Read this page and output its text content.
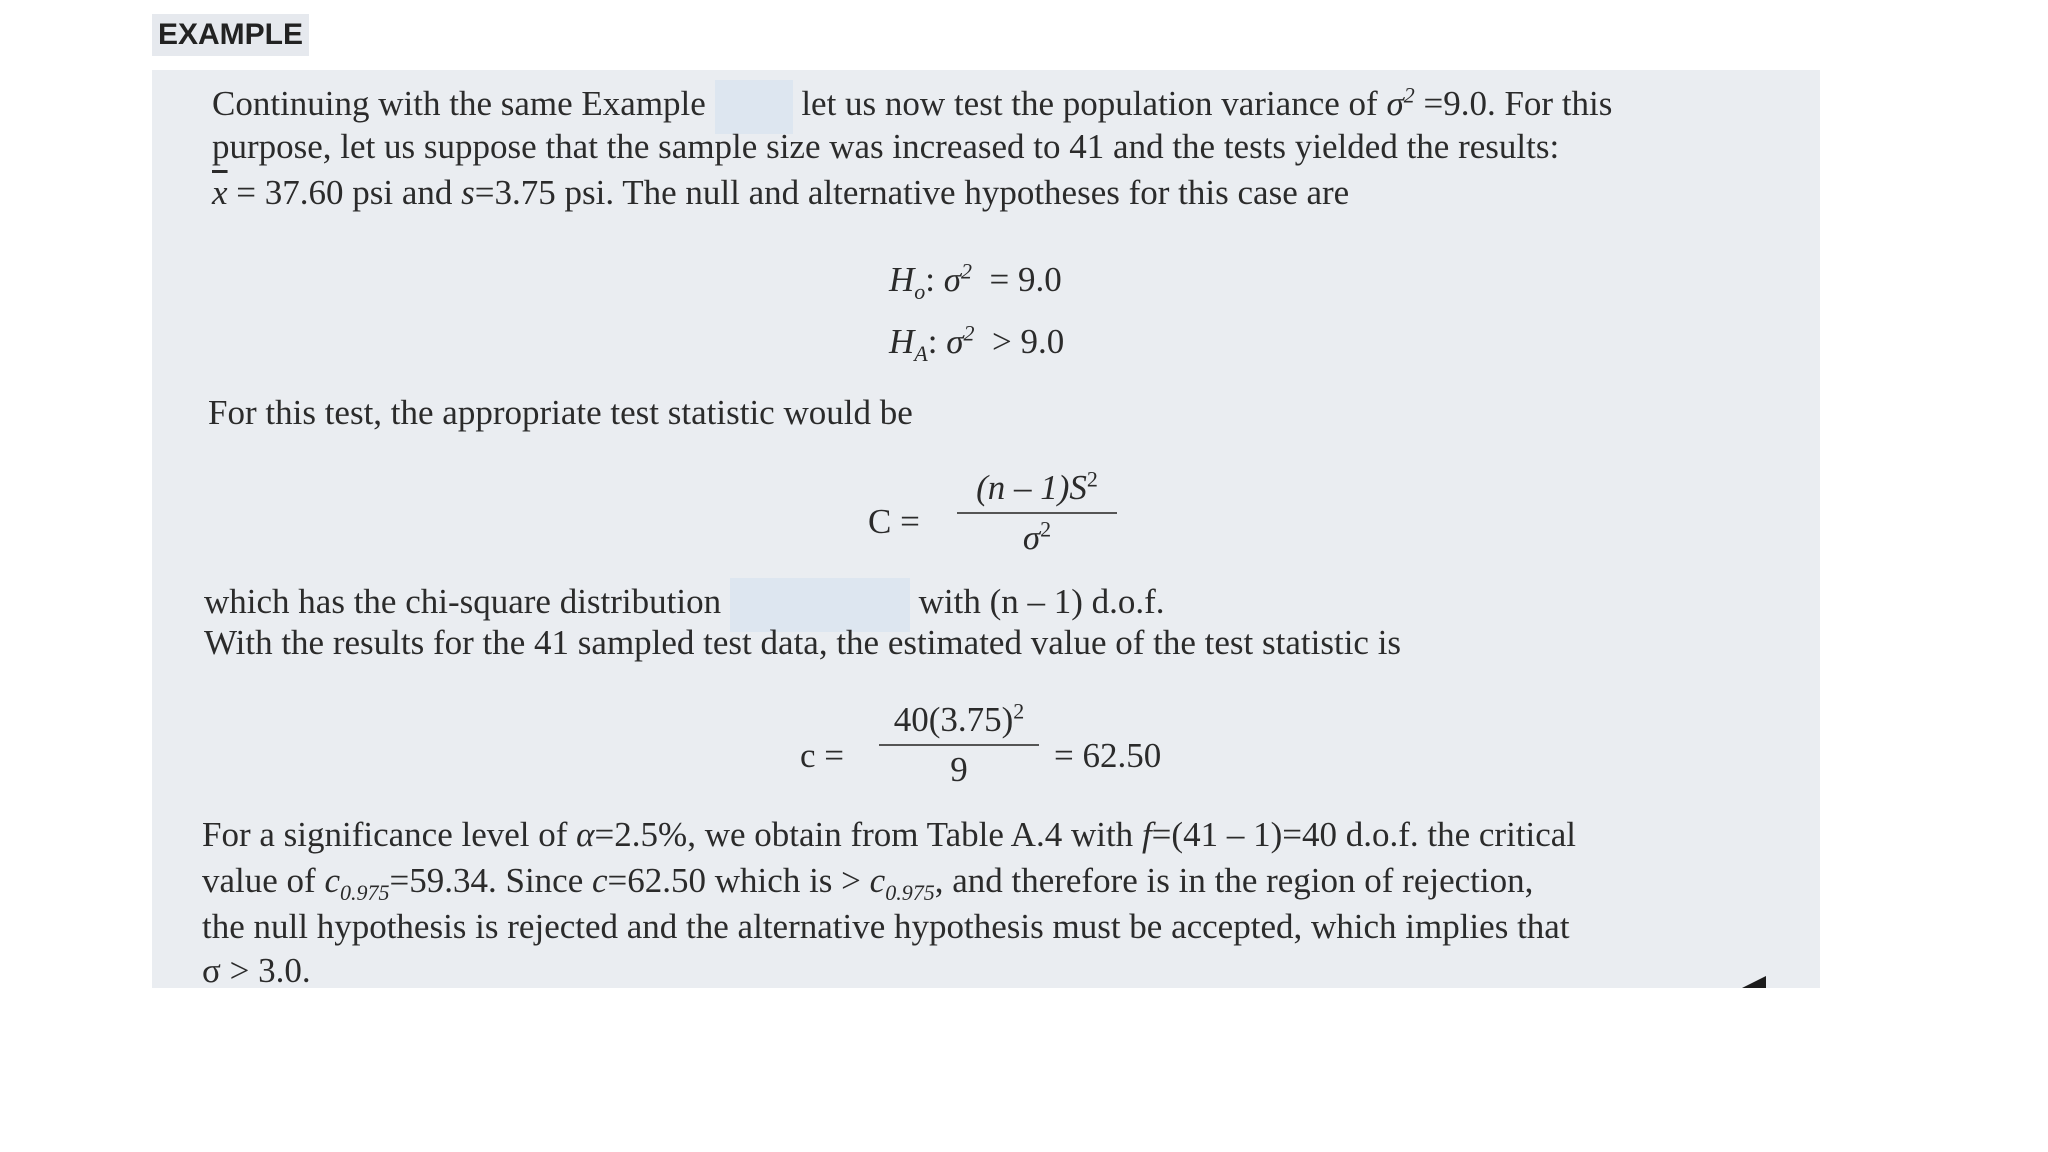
EXAMPLE
Continuing with the same Example	let us now test the population variance of $\sigma^2 =9.0$. For this
purpose, let us suppose that the sample size was increased to 41 and the tests yielded the results:
$\overline{x} = 37.60$ psi and s=3.75 psi. The null and alternative hypotheses for this case are
$H_o$: $\sigma^2 = 9.0$
$H_A$: $\sigma^2 > 9.0$
For this test, the appropriate test statistic would be
$C = \frac{(n - 1)S^2}{\sigma^2}$
which has the chi-square distribution	with (n – 1) d.o.f.
With the results for the 41 sampled test data, the estimated value of the test statistic is
$c = \frac{40(3.75)^2}{9} = 62.50$
For a significance level of α=2.5%, we obtain from Table A.4 with f=(41 – 1)=40 d.o.f. the critical
value of $c_{0.975}=59.34$. Since c=62.50 which is > $c_{0.975}$, and therefore is in the region of rejection,
the null hypothesis is rejected and the alternative hypothesis must be accepted, which implies that
σ > 3.0.
